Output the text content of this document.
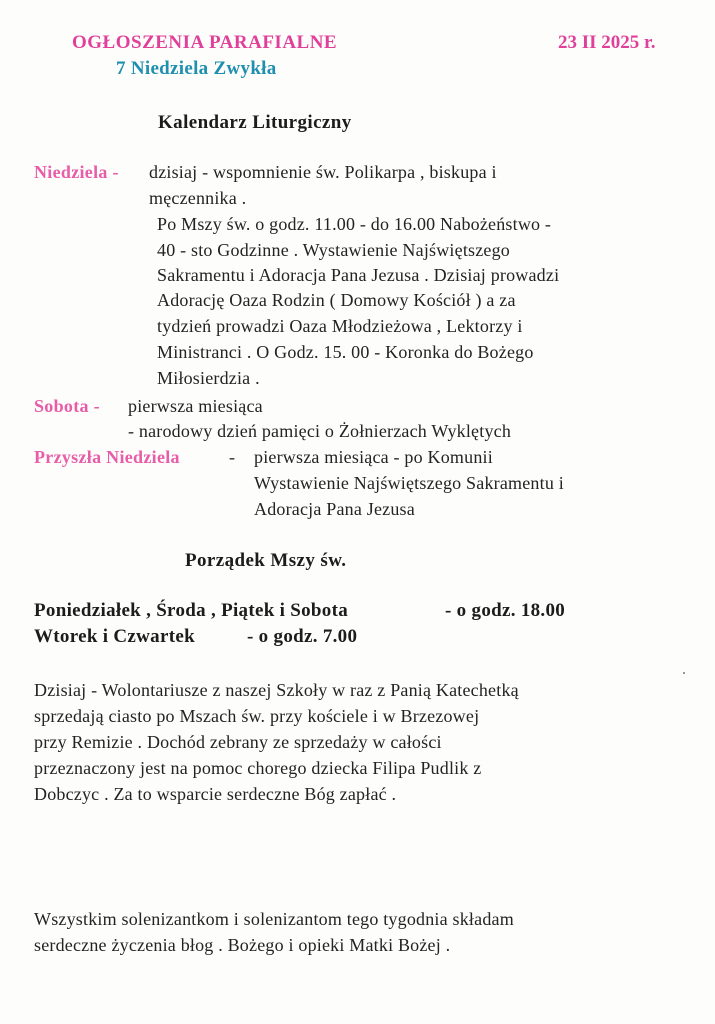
OGŁOSZENIA PARAFIALNE
7 Niedziela Zwykła
23 II 2025 r.
Kalendarz Liturgiczny
Niedziela - dzisiaj - wspomnienie św. Polikarpa , biskupa i
męczennika .
Po Mszy św. o godz. 11.00 - do 16.00 Nabożeństwo -
40 - sto Godzinne . Wystawienie Najświętszego
Sakramentu i Adoracja Pana Jezusa . Dzisiaj prowadzi
Adorację Oaza Rodzin ( Domowy Kościół ) a za
tydzień prowadzi Oaza Młodzieżowa , Lektorzy i
Ministranci . O Godz. 15. 00 - Koronka do Bożego
Miłosierdzia .
Sobota - pierwsza miesiąca
- narodowy dzień pamięci o Żołnierzach Wyklętych
Przyszła Niedziela	- pierwsza miesiąca - po Komunii
Wystawienie Najświętszego Sakramentu i
Adoracja Pana Jezusa
Porządek Mszy św.
Poniedziałek , Środa , Piątek i Sobota	- o godz. 18.00
Wtorek i Czwartek	- o godz. 7.00
Dzisiaj - Wolontariusze z naszej Szkoły w raz z Panią Katechetką
sprzedają ciasto po Mszach św. przy kościele i w Brzezowej
przy Remizie . Dochód zebrany ze sprzedaży w całości
przeznaczony jest na pomoc chorego dziecka Filipa Pudlik z
Dobczyc . Za to wsparcie serdeczne Bóg zapłać .
Wszystkim solenizantkom i solenizantom tego tygodnia składam
serdeczne życzenia błog . Bożego i opieki Matki Bożej .
